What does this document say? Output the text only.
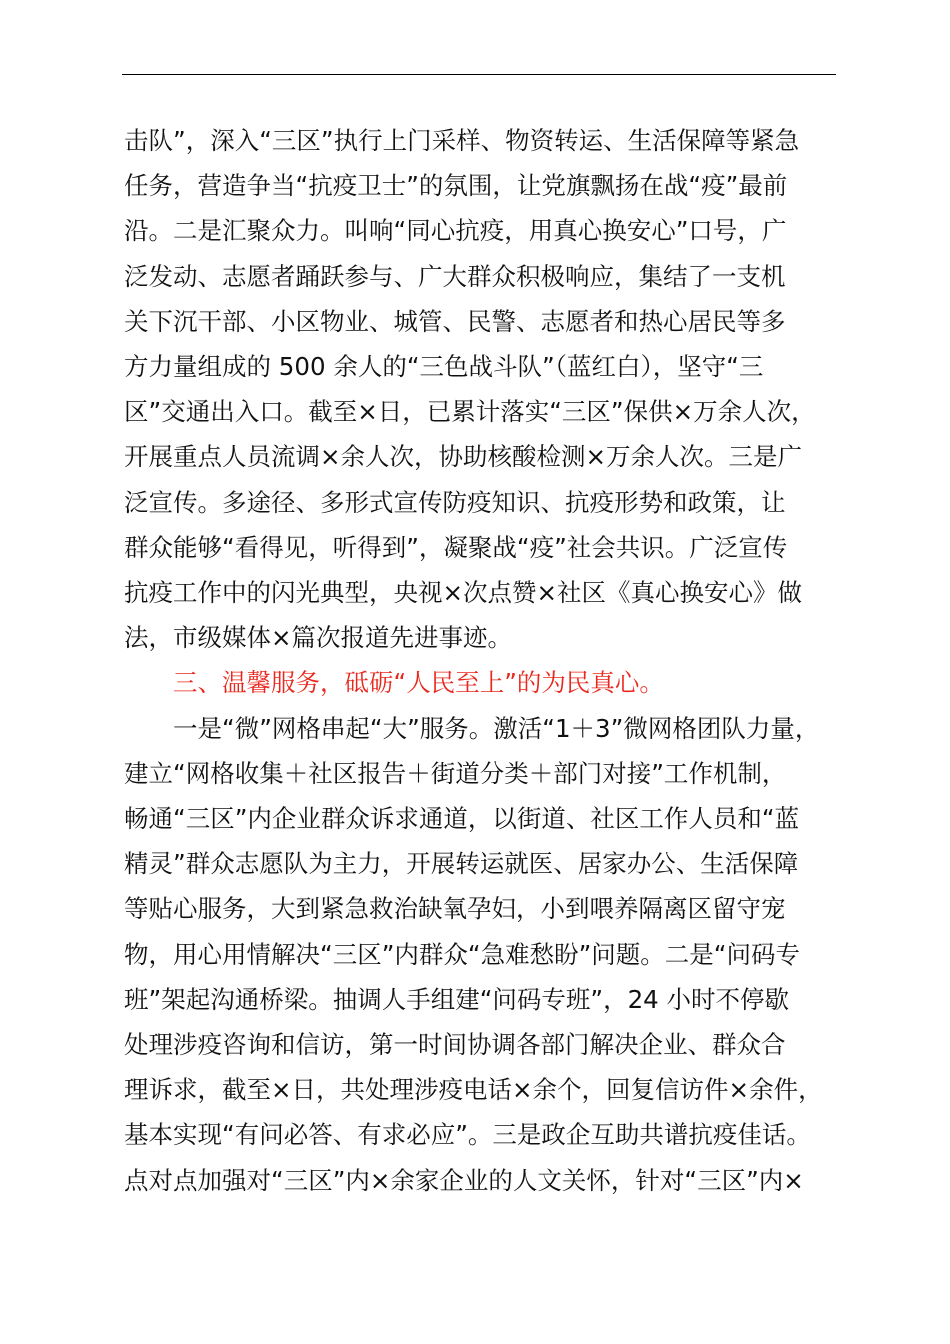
击队”，深入“三区”执行上门采样、物资转运、生活保障等紧急
任务，营造争当“抗疫卫士”的氛围，让党旗飘扬在战“疫”最前
沿。二是汇聚众力。叫响“同心抗疫，用真心换安心”口号，广
泛发动、志愿者踊跃参与、广大群众积极响应，集结了一支机
关下沉干部、小区物业、城管、民警、志愿者和热心居民等多
方力量组成的 500 余人的“三色战斗队”（蓝红白），坚守“三
区”交通出入口。截至×日，已累计落实“三区”保供×万余人次，
开展重点人员流调×余人次，协助核酸检测×万余人次。三是广
泛宣传。多途径、多形式宣传防疫知识、抗疫形势和政策，让
群众能够“看得见，听得到”，凝聚战“疫”社会共识。广泛宣传
抗疫工作中的闪光典型，央视×次点赞×社区《真心换安心》做
法，市级媒体×篇次报道先进事迹。
三、温馨服务，砥砺“人民至上”的为民真心。
一是“微”网格串起“大”服务。激活“1＋3”微网格团队力量，
建立“网格收集＋社区报告＋街道分类＋部门对接”工作机制，
畅通“三区”内企业群众诉求通道，以街道、社区工作人员和“蓝
精灵”群众志愿队为主力，开展转运就医、居家办公、生活保障
等贴心服务，大到紧急救治缺氧孕妇，小到喂养隔离区留守宠
物，用心用情解决“三区”内群众“急难愁盼”问题。二是“问码专
班”架起沟通桥梁。抽调人手组建“问码专班”，24 小时不停歇
处理涉疫咨询和信访，第一时间协调各部门解决企业、群众合
理诉求，截至×日，共处理涉疫电话×余个，回复信访件×余件，
基本实现“有问必答、有求必应”。三是政企互助共谱抗疫佳话。
点对点加强对“三区”内×余家企业的人文关怀，针对“三区”内×
